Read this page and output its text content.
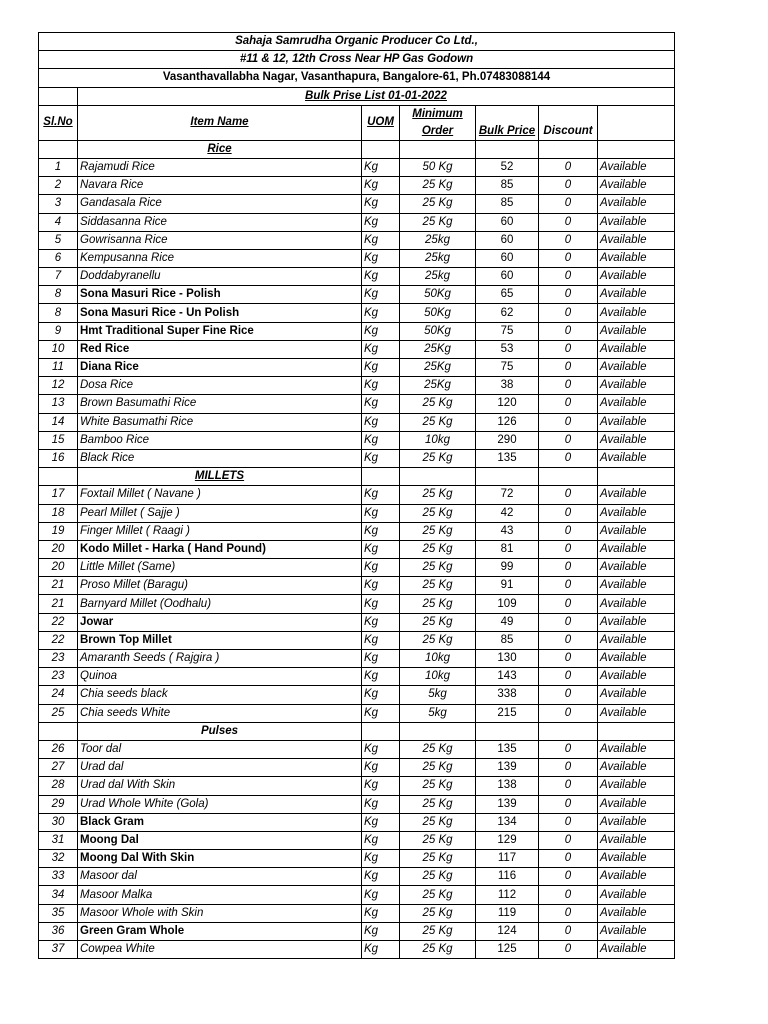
Sahaja Samrudha Organic Producer Co Ltd.,						
#11 & 12, 12th Cross Near HP Gas Godown						
Vasanthavallabha Nagar, Vasanthapura, Bangalore-61, Ph.07483088144						
	Bulk Prise List 01-01-2022					
Sl.No	Item Name	UOM	Minimum Order	Bulk Price	Discount	
	Rice					
1	Rajamudi Rice	Kg	50 Kg	52	0	Available
2	Navara Rice	Kg	25 Kg	85	0	Available
3	Gandasala Rice	Kg	25 Kg	85	0	Available
4	Siddasanna Rice	Kg	25 Kg	60	0	Available
5	Gowrisanna Rice	Kg	25kg	60	0	Available
6	Kempusanna Rice	Kg	25kg	60	0	Available
7	Doddabyranellu	Kg	25kg	60	0	Available
8	Sona Masuri Rice - Polish	Kg	50Kg	65	0	Available
8	Sona Masuri Rice - Un Polish	Kg	50Kg	62	0	Available
9	Hmt Traditional Super Fine Rice	Kg	50Kg	75	0	Available
10	Red Rice	Kg	25Kg	53	0	Available
11	Diana Rice	Kg	25Kg	75	0	Available
12	Dosa Rice	Kg	25Kg	38	0	Available
13	Brown Basumathi Rice	Kg	25 Kg	120	0	Available
14	White Basumathi Rice	Kg	25 Kg	126	0	Available
15	Bamboo Rice	Kg	10kg	290	0	Available
16	Black Rice	Kg	25 Kg	135	0	Available
	MILLETS					
17	Foxtail Millet ( Navane )	Kg	25 Kg	72	0	Available
18	Pearl Millet ( Sajje )	Kg	25 Kg	42	0	Available
19	Finger Millet ( Raagi )	Kg	25 Kg	43	0	Available
20	Kodo Millet - Harka ( Hand Pound)	Kg	25 Kg	81	0	Available
20	Little Millet (Same)	Kg	25 Kg	99	0	Available
21	Proso Millet (Baragu)	Kg	25 Kg	91	0	Available
21	Barnyard Millet (Oodhalu)	Kg	25 Kg	109	0	Available
22	Jowar	Kg	25 Kg	49	0	Available
22	Brown Top Millet	Kg	25 Kg	85	0	Available
23	Amaranth Seeds ( Rajgira )	Kg	10kg	130	0	Available
23	Quinoa	Kg	10kg	143	0	Available
24	Chia seeds black	Kg	5kg	338	0	Available
25	Chia seeds White	Kg	5kg	215	0	Available
	Pulses					
26	Toor dal	Kg	25 Kg	135	0	Available
27	Urad dal	Kg	25 Kg	139	0	Available
28	Urad dal With Skin	Kg	25 Kg	138	0	Available
29	Urad Whole White (Gola)	Kg	25 Kg	139	0	Available
30	Black Gram	Kg	25 Kg	134	0	Available
31	Moong Dal	Kg	25 Kg	129	0	Available
32	Moong Dal With Skin	Kg	25 Kg	117	0	Available
33	Masoor dal	Kg	25 Kg	116	0	Available
34	Masoor Malka	Kg	25 Kg	112	0	Available
35	Masoor Whole with Skin	Kg	25 Kg	119	0	Available
36	Green Gram Whole	Kg	25 Kg	124	0	Available
37	Cowpea White	Kg	25 Kg	125	0	Available
